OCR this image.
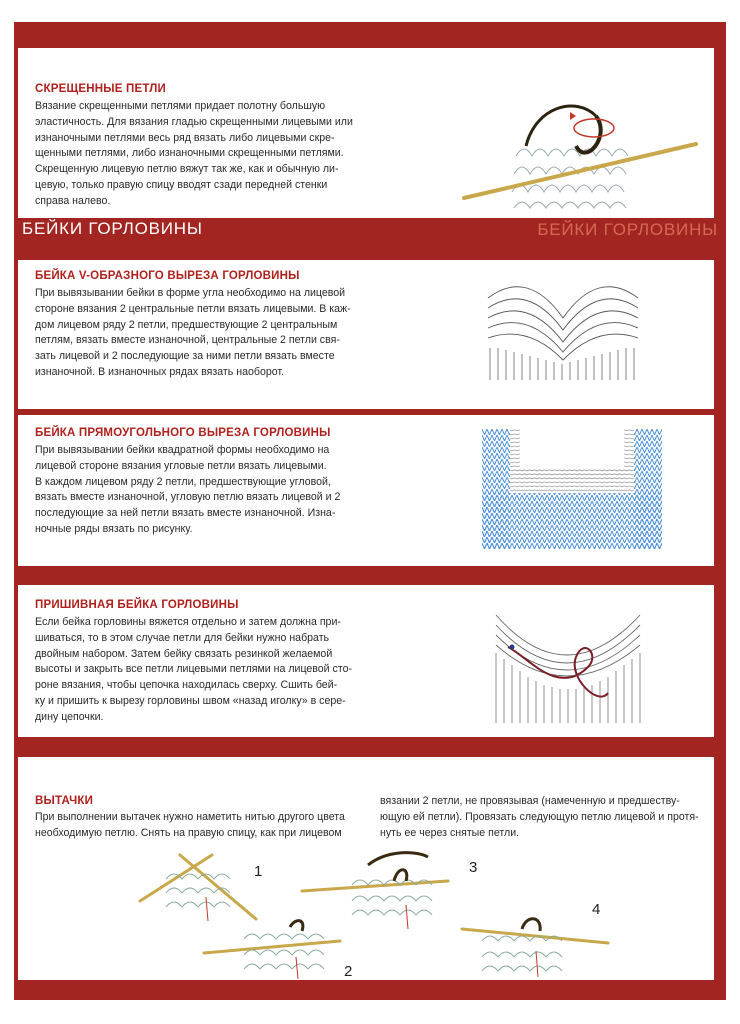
СКРЕЩЕННЫЕ ПЕТЛИ
Вязание скрещенными петлями придает полотну большую
эластичность. Для вязания гладью скрещенными лицевыми или
изнаночными петлями весь ряд вязать либо лицевыми скре-
щенными петлями, либо изнаночными скрещенными петлями.
Скрещенную лицевую петлю вяжут так же, как и обычную ли-
цевую, только правую спицу вводят сзади передней стенки
справа налево.
БЕЙКИ ГОРЛОВИНЫ	БЕЙКИ ГОРЛОВИНЫ
БЕЙКА V-ОБРАЗНОГО ВЫРЕЗА ГОРЛОВИНЫ
При вывязывании бейки в форме угла необходимо на лицевой
стороне вязания 2 центральные петли вязать лицевыми. В каж-
дом лицевом ряду 2 петли, предшествующие 2 центральным
петлям, вязать вместе изнаночной, центральные 2 петли свя-
зать лицевой и 2 последующие за ними петли вязать вместе
изнаночной. В изнаночных рядах вязать наоборот.
БЕЙКА ПРЯМОУГОЛЬНОГО ВЫРЕЗА ГОРЛОВИНЫ
При вывязывании бейки квадратной формы необходимо на
лицевой стороне вязания угловые петли вязать лицевыми.
В каждом лицевом ряду 2 петли, предшествующие угловой,
вязать вместе изнаночной, угловую петлю вязать лицевой и 2
последующие за ней петли вязать вместе изнаночной. Изна-
ночные ряды вязать по рисунку.
ПРИШИВНАЯ БЕЙКА ГОРЛОВИНЫ
Если бейка горловины вяжется отдельно и затем должна при-
шиваться, то в этом случае петли для бейки нужно набрать
двойным набором. Затем бейку связать резинкой желаемой
высоты и закрыть все петли лицевыми петлями на лицевой сто-
роне вязания, чтобы цепочка находилась сверху. Сшить бей-
ку и пришить к вырезу горловины швом «назад иголку» в сере-
дину цепочки.
ВЫТАЧКИ
При выполнении вытачек нужно наметить нитью другого цвета
необходимую петлю. Снять на правую спицу, как при лицевом
вязании 2 петли, не провязывая (намеченную и предшеству-
ющую ей петли). Провязать следующую петлю лицевой и протя-
нуть ее через снятые петли.
1
2
3
4
